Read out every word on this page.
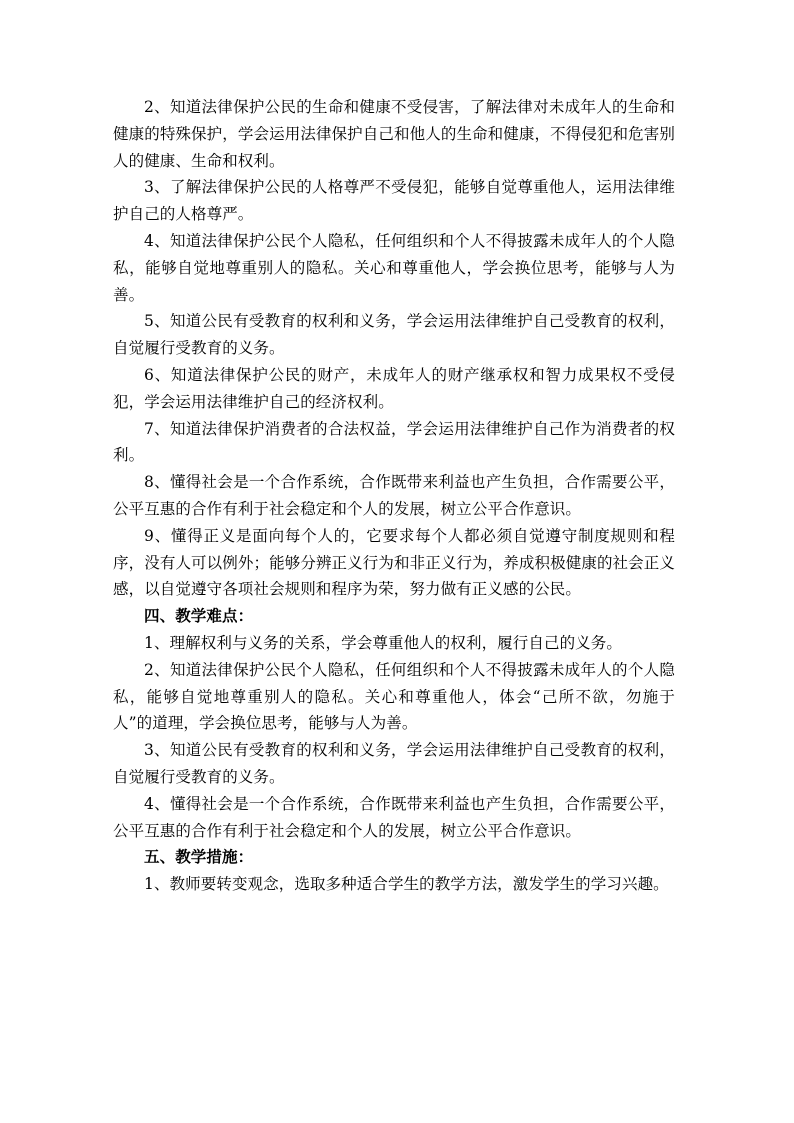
2、知道法律保护公民的生命和健康不受侵害，了解法律对未成年人的生命和健康的特殊保护，学会运用法律保护自己和他人的生命和健康，不得侵犯和危害别人的健康、生命和权利。

3、了解法律保护公民的人格尊严不受侵犯，能够自觉尊重他人，运用法律维护自己的人格尊严。

4、知道法律保护公民个人隐私，任何组织和个人不得披露未成年人的个人隐私，能够自觉地尊重别人的隐私。关心和尊重他人，学会换位思考，能够与人为善。

5、知道公民有受教育的权利和义务，学会运用法律维护自己受教育的权利，自觉履行受教育的义务。

6、知道法律保护公民的财产，未成年人的财产继承权和智力成果权不受侵犯，学会运用法律维护自己的经济权利。

7、知道法律保护消费者的合法权益，学会运用法律维护自己作为消费者的权利。

8、懂得社会是一个合作系统，合作既带来利益也产生负担，合作需要公平，公平互惠的合作有利于社会稳定和个人的发展，树立公平合作意识。

9、懂得正义是面向每个人的，它要求每个人都必须自觉遵守制度规则和程序，没有人可以例外；能够分辨正义行为和非正义行为，养成积极健康的社会正义感，以自觉遵守各项社会规则和程序为荣，努力做有正义感的公民。

四、教学难点：

1、理解权利与义务的关系，学会尊重他人的权利，履行自己的义务。

2、知道法律保护公民个人隐私，任何组织和个人不得披露未成年人的个人隐私，能够自觉地尊重别人的隐私。关心和尊重他人，体会“己所不欲，勿施于人”的道理，学会换位思考，能够与人为善。

3、知道公民有受教育的权利和义务，学会运用法律维护自己受教育的权利，自觉履行受教育的义务。

4、懂得社会是一个合作系统，合作既带来利益也产生负担，合作需要公平，公平互惠的合作有利于社会稳定和个人的发展，树立公平合作意识。

五、教学措施：

1、教师要转变观念，选取多种适合学生的教学方法，激发学生的学习兴趣。
